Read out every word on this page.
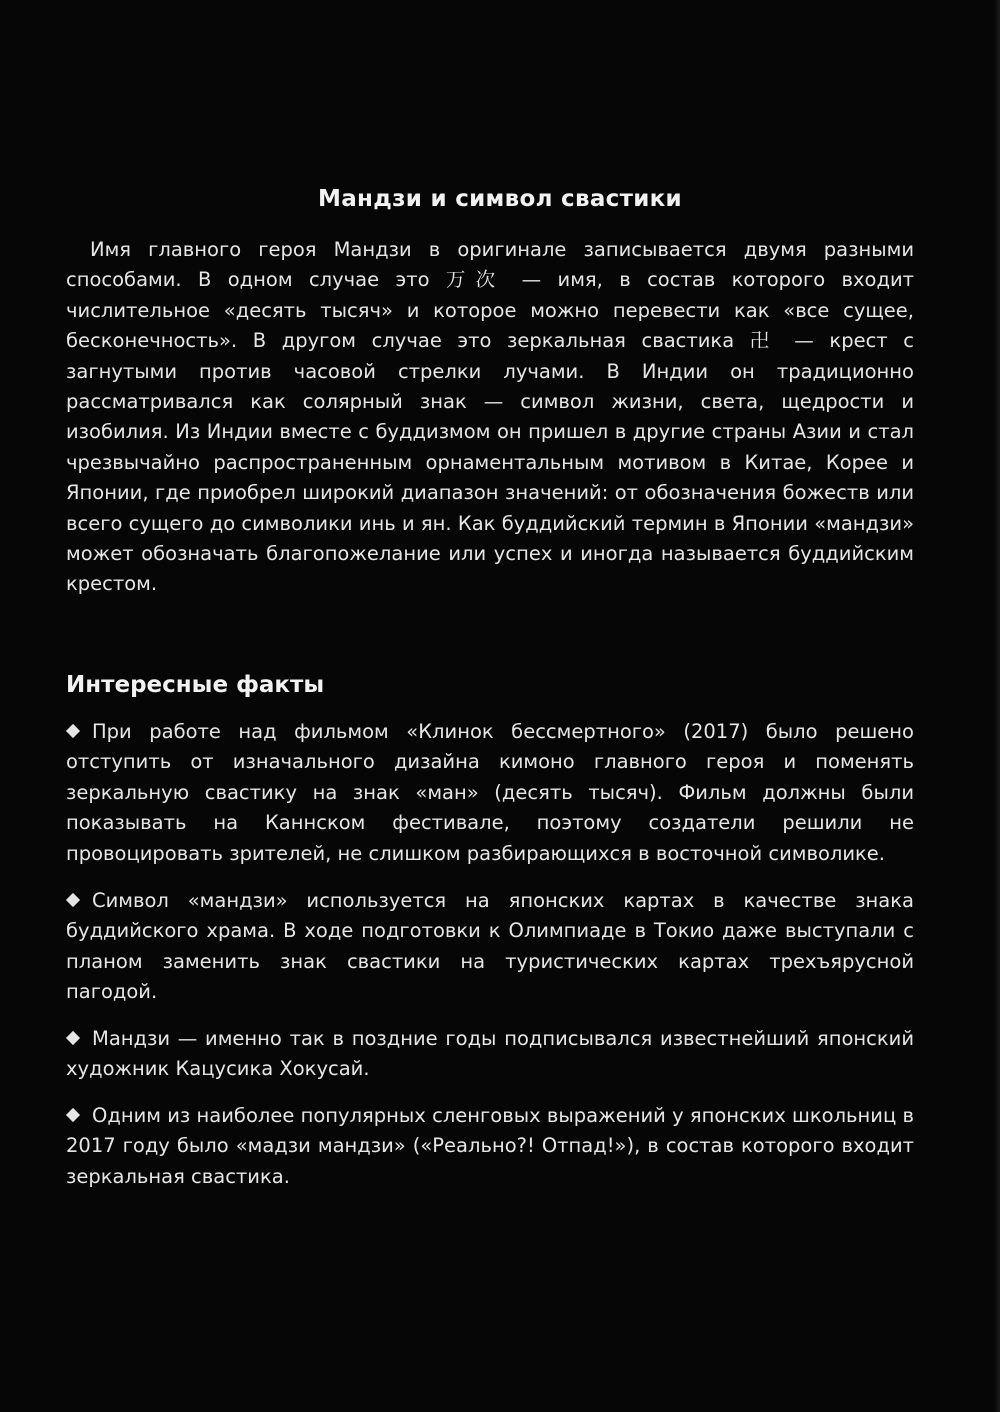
Мандзи и символ свастики

Имя главного героя Мандзи в оригинале записывается двумя разными способами. В одном случае это 万次 — имя, в состав которого входит числительное «десять тысяч» и которое можно перевести как «все сущее, бесконечность». В другом случае это зеркальная свастика 卍 — крест с загнутыми против часовой стрелки лучами. В Индии он традиционно рассматривался как солярный знак — символ жизни, света, щедрости и изобилия. Из Индии вместе с буддизмом он пришел в другие страны Азии и стал чрезвычайно распространенным орнаментальным мотивом в Китае, Корее и Японии, где приобрел широкий диапазон значений: от обозначения божеств или всего сущего до символики инь и ян. Как буддийский термин в Японии «мандзи» может обозначать благопожелание или успех и иногда называется буддийским крестом.

Интересные факты
При работе над фильмом «Клинок бессмертного» (2017) было решено отступить от изначального дизайна кимоно главного героя и поменять зеркальную свастику на знак «ман» (десять тысяч). Фильм должны были показывать на Каннском фестивале, поэтому создатели решили не провоцировать зрителей, не слишком разбирающихся в восточной символике.
Символ «мандзи» используется на японских картах в качестве знака буддийского храма. В ходе подготовки к Олимпиаде в Токио даже выступали с планом заменить знак свастики на туристических картах трехъярусной пагодой.
Мандзи — именно так в поздние годы подписывался известнейший японский художник Кацусика Хокусай.
Одним из наиболее популярных сленговых выражений у японских школьниц в 2017 году было «мадзи мандзи» («Реально?! Отпад!»), в состав которого входит зеркальная свастика.
